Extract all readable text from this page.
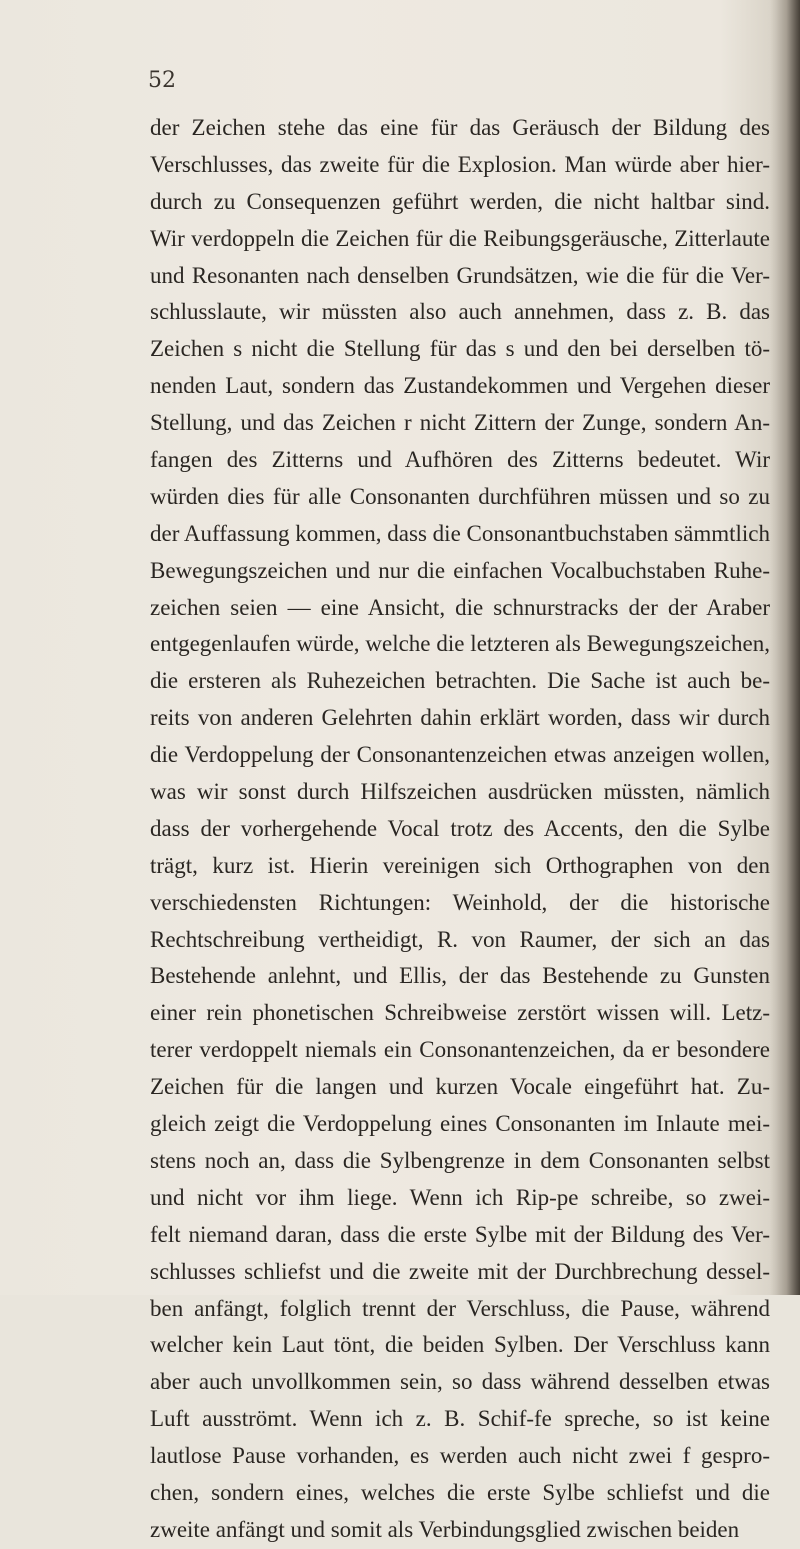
52
der Zeichen stehe das eine für das Geräusch der Bildung des
Verschlusses, das zweite für die Explosion. Man würde aber hier-
durch zu Consequenzen geführt werden, die nicht haltbar sind.
Wir verdoppeln die Zeichen für die Reibungsgeräusche, Zitterlaute
und Resonanten nach denselben Grundsätzen, wie die für die Ver-
schlusslaute, wir müssten also auch annehmen, dass z. B. das
Zeichen s nicht die Stellung für das s und den bei derselben tö-
nenden Laut, sondern das Zustandekommen und Vergehen dieser
Stellung, und das Zeichen r nicht Zittern der Zunge, sondern An-
fangen des Zitterns und Aufhören des Zitterns bedeutet. Wir
würden dies für alle Consonanten durchführen müssen und so zu
der Auffassung kommen, dass die Consonantbuchstaben sämmtlich
Bewegungszeichen und nur die einfachen Vocalbuchstaben Ruhe-
zeichen seien — eine Ansicht, die schnurstracks der der Araber
entgegenlaufen würde, welche die letzteren als Bewegungszeichen,
die ersteren als Ruhezeichen betrachten. Die Sache ist auch be-
reits von anderen Gelehrten dahin erklärt worden, dass wir durch
die Verdoppelung der Consonantenzeichen etwas anzeigen wollen,
was wir sonst durch Hilfszeichen ausdrücken müssten, nämlich
dass der vorhergehende Vocal trotz des Accents, den die Sylbe
trägt, kurz ist. Hierin vereinigen sich Orthographen von den
verschiedensten Richtungen: Weinhold, der die historische
Rechtschreibung vertheidigt, R. von Raumer, der sich an das
Bestehende anlehnt, und Ellis, der das Bestehende zu Gunsten
einer rein phonetischen Schreibweise zerstört wissen will. Letz-
terer verdoppelt niemals ein Consonantenzeichen, da er besondere
Zeichen für die langen und kurzen Vocale eingeführt hat. Zu-
gleich zeigt die Verdoppelung eines Consonanten im Inlaute mei-
stens noch an, dass die Sylbengrenze in dem Consonanten selbst
und nicht vor ihm liege. Wenn ich Rip-pe schreibe, so zwei-
felt niemand daran, dass die erste Sylbe mit der Bildung des Ver-
schlusses schliefst und die zweite mit der Durchbrechung dessel-
ben anfängt, folglich trennt der Verschluss, die Pause, während
welcher kein Laut tönt, die beiden Sylben. Der Verschluss kann
aber auch unvollkommen sein, so dass während desselben etwas
Luft ausströmt. Wenn ich z. B. Schif-fe spreche, so ist keine
lautlose Pause vorhanden, es werden auch nicht zwei f gespro-
chen, sondern eines, welches die erste Sylbe schliefst und die
zweite anfängt und somit als Verbindungsglied zwischen beiden
